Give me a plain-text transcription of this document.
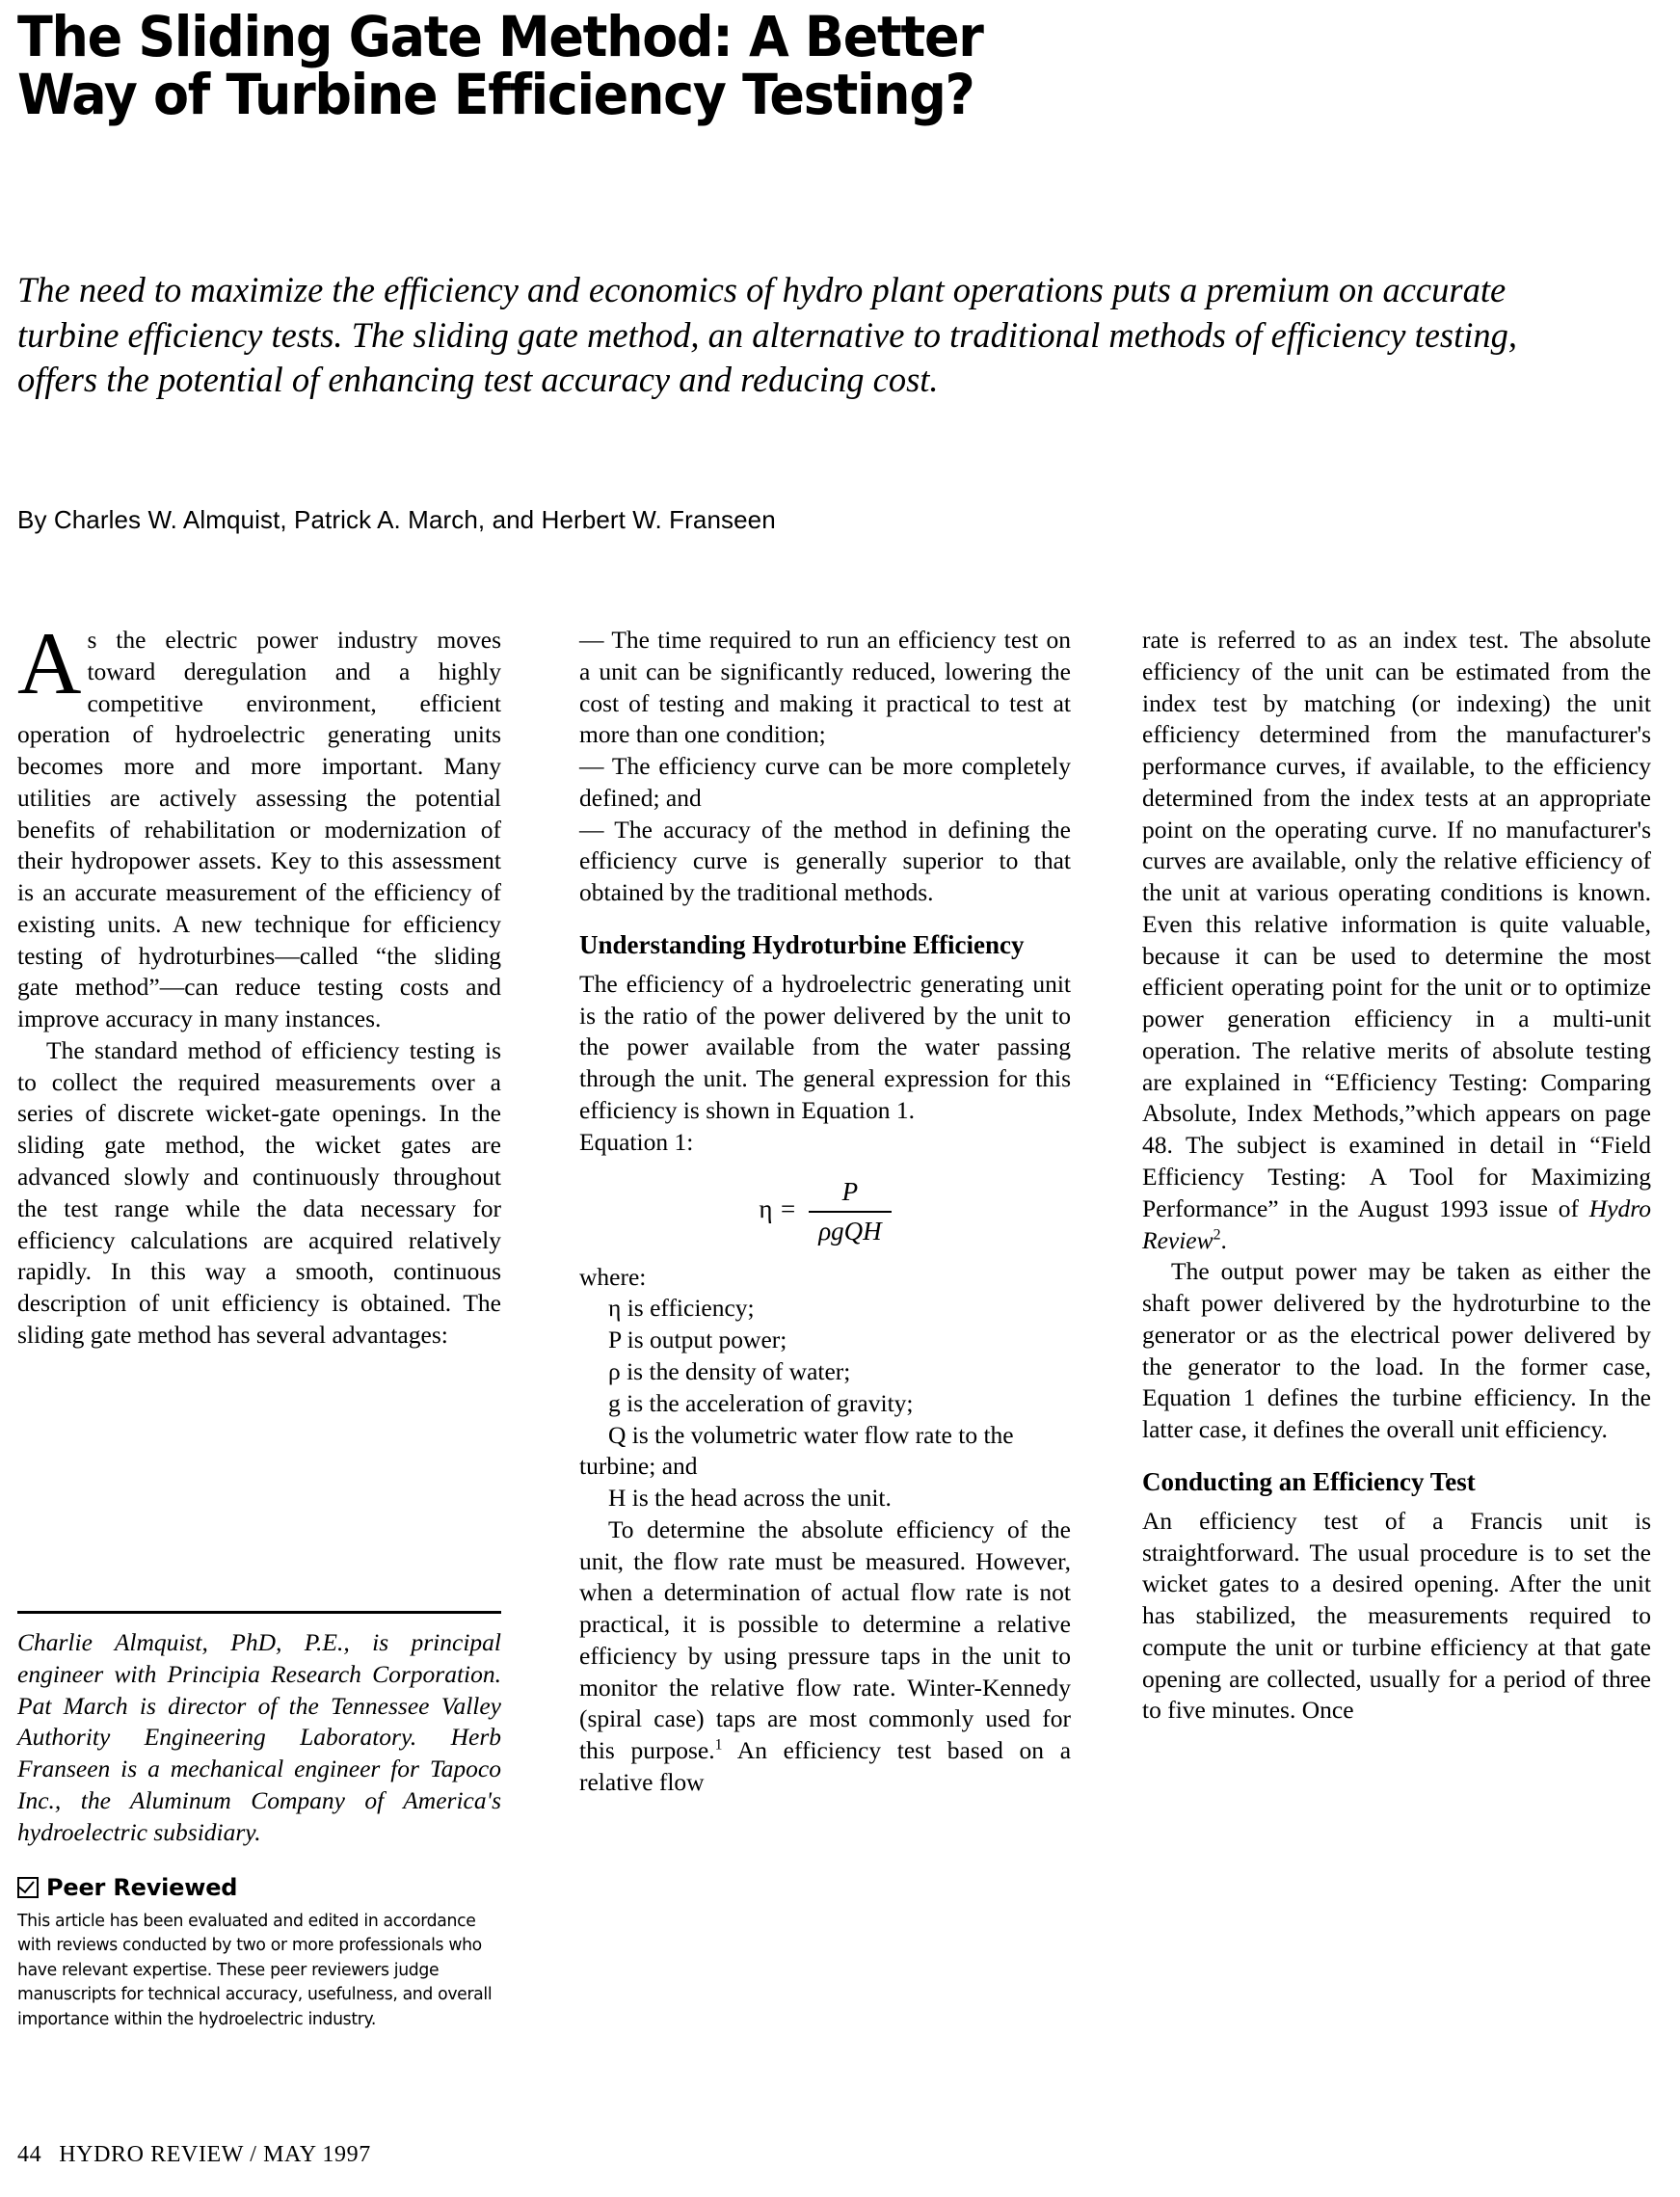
The Sliding Gate Method: A Better
Way of Turbine Efficiency Testing?
The need to maximize the efficiency and economics of hydro plant operations puts a premium on accurate turbine efficiency tests. The sliding gate method, an alternative to traditional methods of efficiency testing, offers the potential of enhancing test accuracy and reducing cost.
By Charles W. Almquist, Patrick A. March, and Herbert W. Franseen

As the electric power industry moves toward deregulation and a highly competitive environment, efficient operation of hydroelectric generating units becomes more and more important. Many utilities are actively assessing the potential benefits of rehabilitation or modernization of their hydropower assets. Key to this assessment is an accurate measurement of the efficiency of existing units. A new technique for efficiency testing of hydroturbines—called “the sliding gate method”—can reduce testing costs and improve accuracy in many instances.

The standard method of efficiency testing is to collect the required measurements over a series of discrete wicket-gate openings. In the sliding gate method, the wicket gates are advanced slowly and continuously throughout the test range while the data necessary for efficiency calculations are acquired relatively rapidly. In this way a smooth, continuous description of unit efficiency is obtained. The sliding gate method has several advantages:

Charlie Almquist, PhD, P.E., is principal engineer with Principia Research Corporation. Pat March is director of the Tennessee Valley Authority Engineering Laboratory. Herb Franseen is a mechanical engineer for Tapoco Inc., the Aluminum Company of America's hydroelectric subsidiary.
Peer Reviewed
This article has been evaluated and edited in accordance with reviews conducted by two or more professionals who have relevant expertise. These peer reviewers judge manuscripts for technical accuracy, usefulness, and overall importance within the hydroelectric industry.

— The time required to run an efficiency test on a unit can be significantly reduced, lowering the cost of testing and making it practical to test at more than one condition;

— The efficiency curve can be more completely defined; and

— The accuracy of the method in defining the efficiency curve is generally superior to that obtained by the traditional methods.

Understanding Hydroturbine Efficiency

The efficiency of a hydroelectric generating unit is the ratio of the power delivered by the unit to the power available from the water passing through the unit. The general expression for this efficiency is shown in Equation 1.

Equation 1:

$\eta = \frac{P}{\text{ρgQH}}$

where:

η is efficiency;
P is output power;
ρ is the density of water;
g is the acceleration of gravity;
Q is the volumetric water flow rate to the turbine; and
H is the head across the unit.

To determine the absolute efficiency of the unit, the flow rate must be measured. However, when a determination of actual flow rate is not practical, it is possible to determine a relative efficiency by using pressure taps in the unit to monitor the relative flow rate. Winter-Kennedy (spiral case) taps are most commonly used for this purpose.$^1$ An efficiency test based on a relative flow

rate is referred to as an index test. The absolute efficiency of the unit can be estimated from the index test by matching (or indexing) the unit efficiency determined from the manufacturer's performance curves, if available, to the efficiency determined from the index tests at an appropriate point on the operating curve. If no manufacturer's curves are available, only the relative efficiency of the unit at various operating conditions is known. Even this relative information is quite valuable, because it can be used to determine the most efficient operating point for the unit or to optimize power generation efficiency in a multi-unit operation. The relative merits of absolute testing are explained in “Efficiency Testing: Comparing Absolute, Index Methods,”which appears on page 48. The subject is examined in detail in “Field Efficiency Testing: A Tool for Maximizing Performance” in the August 1993 issue of Hydro Review$^2$.

The output power may be taken as either the shaft power delivered by the hydroturbine to the generator or as the electrical power delivered by the generator to the load. In the former case, Equation 1 defines the turbine efficiency. In the latter case, it defines the overall unit efficiency.

Conducting an Efficiency Test

An efficiency test of a Francis unit is straightforward. The usual procedure is to set the wicket gates to a desired opening. After the unit has stabilized, the measurements required to compute the unit or turbine efficiency at that gate opening are collected, usually for a period of three to five minutes. Once

44 HYDRO REVIEW / MAY 1997
